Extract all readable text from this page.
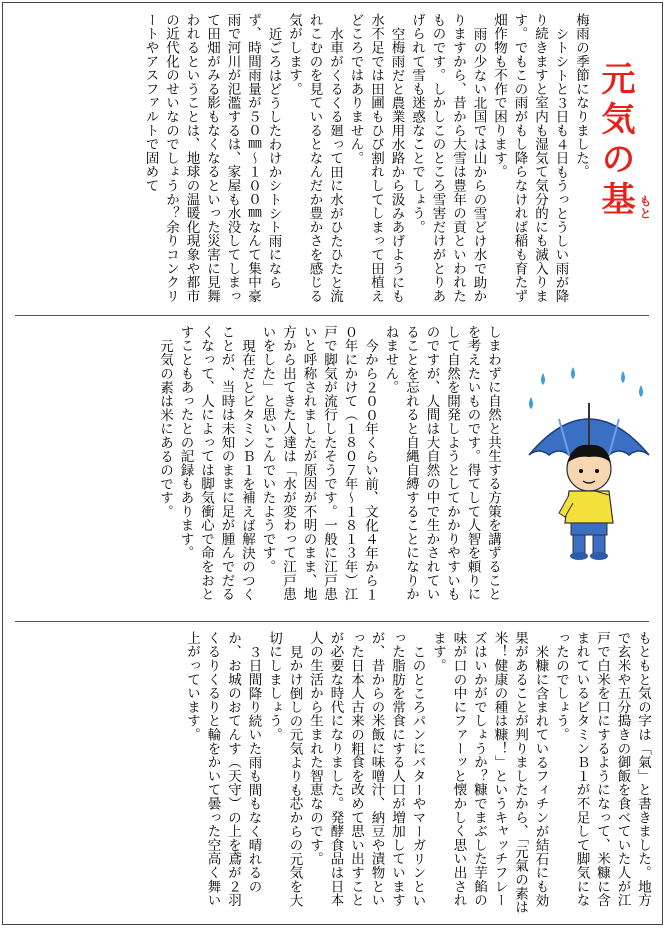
元気の基 もと

梅雨の季節になりました。

シトシトと３日も４日もうっとうしい雨が降り続きますと室内も湿気て気分的にも滅入ります。でもこの雨がもし降らなければ稲も育たず畑作物も不作で困ります。

雨の少ない北国では山からの雪どけ水で助かりますから、昔から大雪は豊年の貢といわれたものです。しかしこのところ雪害だけがとりあげられて雪も迷惑なことでしょう。

空梅雨だと農業用水路から汲みあげようにも水不足では田圃もひび割れしてしまって田植えどころではありません。

水車がくるくる廻って田に水がひたひたと流れこむのを見ているとなんだか豊かさを感じる気がします。

近ごろはどうしたわけかシトシト雨にならず、時間雨量が５０㎜〜１００㎜なんて集中豪雨で河川が氾濫するは、家屋も水没してしまって田畑がみる影もなくなるといった災害に見舞われるということは、地球の温暖化現象や都市の近代化のせいなのでしょうか？余りコンクリートやアスファルトで固めて

しまわずに自然と共生する方策を講ずることを考えたいものです。得てして人智を頼りにして自然を開発しようとしてかかりやすいものですが、人間は大自然の中で生かされていることを忘れると自縄自縛することになりかねません。

今から２００年くらい前、文化４年から１０年にかけて（１８０７年〜１８１３年）江戸で脚気が流行したそうです。一般に江戸患いと呼称されましたが原因が不明のまま、地方から出てきた人達は「水が変わって江戸患いをした」と思いこんでいたようです。

現在だとビタミンＢ１を補えば解決のつくことが、当時は未知のままに足が腫んでだるくなって、人によっては脚気衝心で命をおとすこともあったとの記録もあります。

元気の素は米にあるのです。

もともと気の字は「氣」と書きました。地方で玄米や五分搗きの御飯を食べていた人が江戸で白米を口にするようになって、米糠に含まれているビタミンＢ１が不足して脚気になったのでしょう。

米糠に含まれているフィチンが結石にも効果があることが判りましたから、「元氣の素は米！健康の種は糠！」というキャッチフレーズはいかがでしょうか？糠でまぶした芋餡の味が口の中にファーッと懐かしく思い出されます。

このところパンにバターやマーガリンといった脂肪を常食にする人口が増加していますが、昔からの米飯に味噌汁、納豆や漬物といった日本人古来の粗食を改めて思い出すことが必要な時代になりました。発酵食品は日本人の生活から生まれた智恵なのです。

見かけ倒しの元気よりも芯からの元気を大切にしましょう。

３日間降り続いた雨も間もなく晴れるのか、お城のおてんす（天守）の上を鳶が２羽くるりくるりと輪をかいて曇った空高く舞い上がっています。
